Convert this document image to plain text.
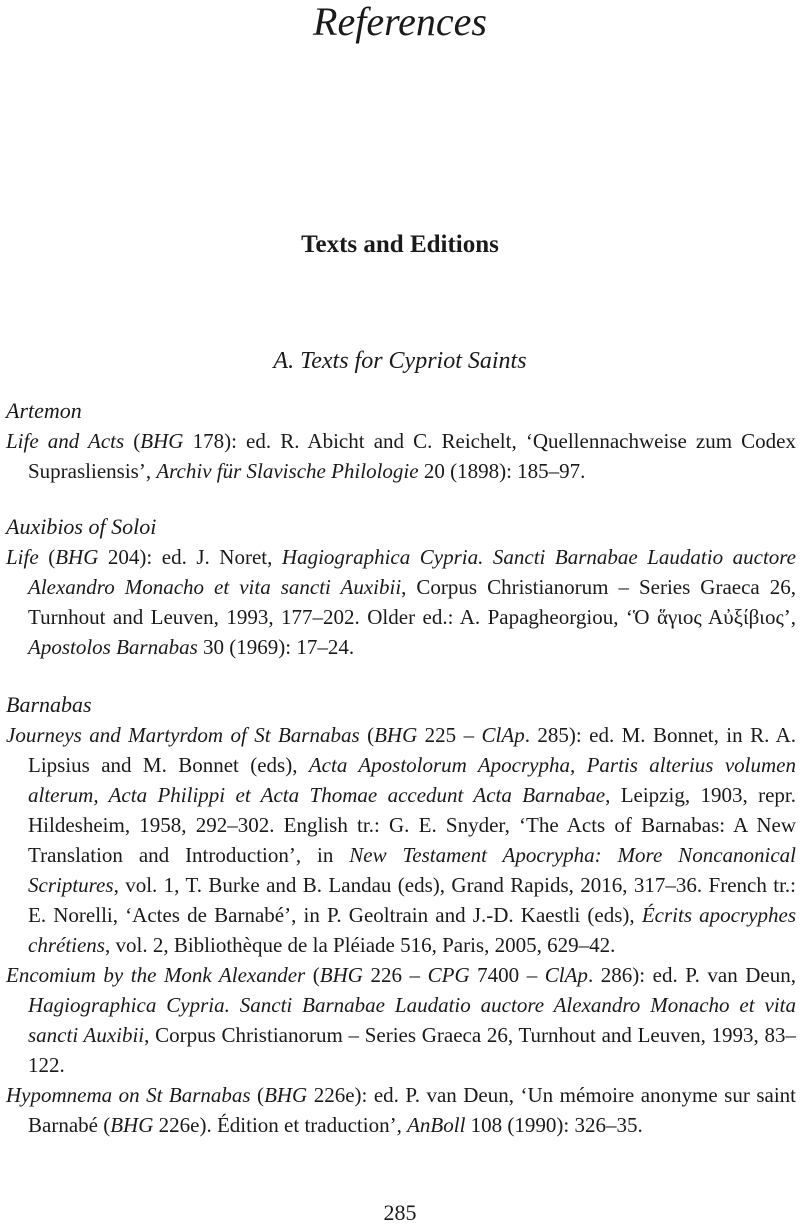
References
Texts and Editions
A. Texts for Cypriot Saints

Artemon

Life and Acts (BHG 178): ed. R. Abicht and C. Reichelt, ‘Quellennachweise zum Codex Suprasliensis’, Archiv für Slavische Philologie 20 (1898): 185–97.

Auxibios of Soloi

Life (BHG 204): ed. J. Noret, Hagiographica Cypria. Sancti Barnabae Laudatio auctore Alexandro Monacho et vita sancti Auxibii, Corpus Christianorum – Series Graeca 26, Turnhout and Leuven, 1993, 177–202. Older ed.: A. Papagheorgiou, ‘Ὁ ἅγιος Αὐξίβιος’, Apostolos Barnabas 30 (1969): 17–24.

Barnabas

Journeys and Martyrdom of St Barnabas (BHG 225 – ClAp. 285): ed. M. Bonnet, in R. A. Lipsius and M. Bonnet (eds), Acta Apostolorum Apocrypha, Partis alterius volumen alterum, Acta Philippi et Acta Thomae accedunt Acta Barnabae, Leipzig, 1903, repr. Hildesheim, 1958, 292–302. English tr.: G. E. Snyder, ‘The Acts of Barnabas: A New Translation and Introduction’, in New Testament Apocrypha: More Noncanonical Scriptures, vol. 1, T. Burke and B. Landau (eds), Grand Rapids, 2016, 317–36. French tr.: E. Norelli, ‘Actes de Barnabé’, in P. Geoltrain and J.-D. Kaestli (eds), Écrits apocryphes chrétiens, vol. 2, Bibliothèque de la Pléiade 516, Paris, 2005, 629–42.

Encomium by the Monk Alexander (BHG 226 – CPG 7400 – ClAp. 286): ed. P. van Deun, Hagiographica Cypria. Sancti Barnabae Laudatio auctore Alexandro Monacho et vita sancti Auxibii, Corpus Christianorum – Series Graeca 26, Turnhout and Leuven, 1993, 83–122.

Hypomnema on St Barnabas (BHG 226e): ed. P. van Deun, ‘Un mémoire anonyme sur saint Barnabé (BHG 226e). Édition et traduction’, AnBoll 108 (1990): 326–35.

285
